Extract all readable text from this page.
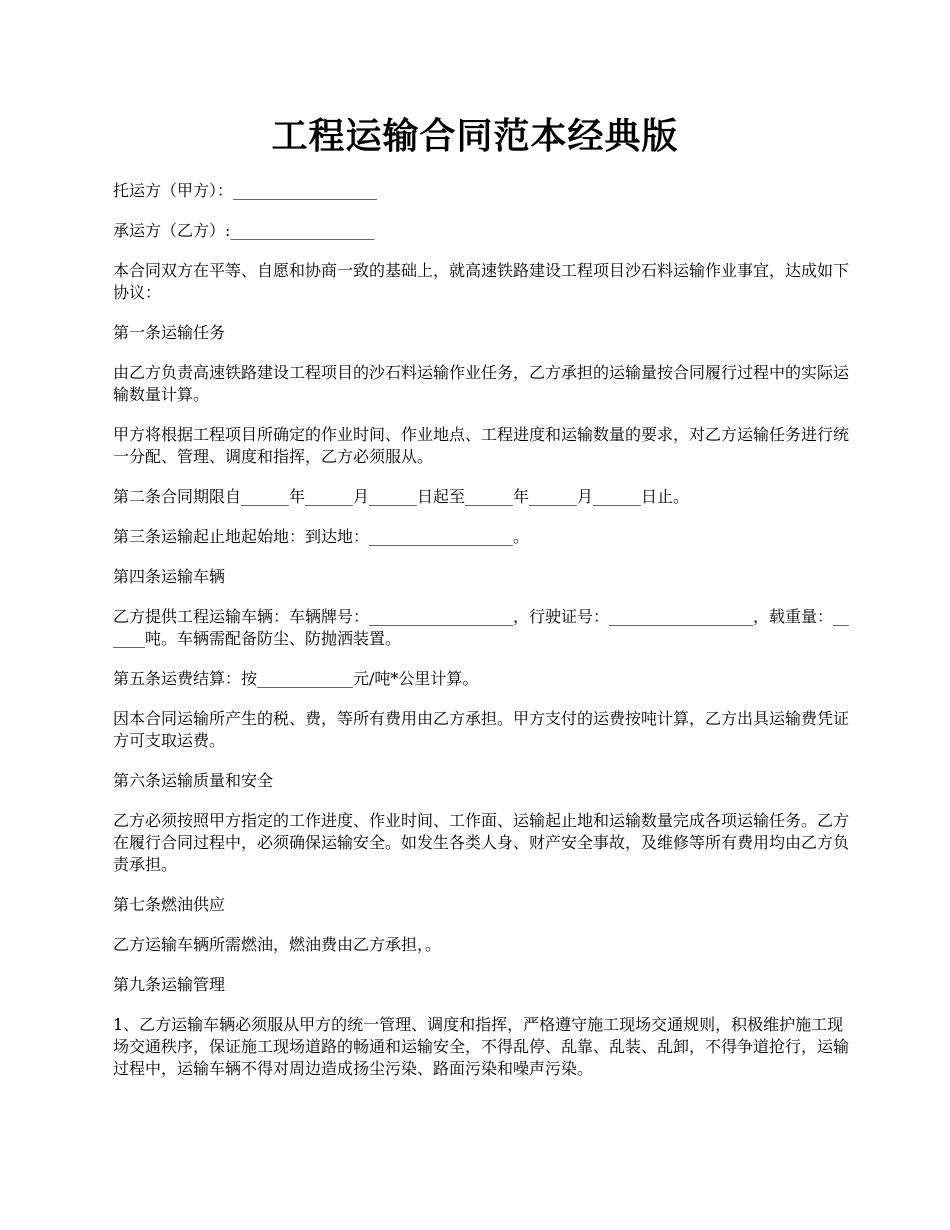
工程运输合同范本经典版

托运方（甲方）：__________________

承运方（乙方）:__________________

本合同双方在平等、自愿和协商一致的基础上，就高速铁路建设工程项目沙石料运输作业事宜，达成如下协议：

第一条运输任务

由乙方负责高速铁路建设工程项目的沙石料运输作业任务，乙方承担的运输量按合同履行过程中的实际运输数量计算。

甲方将根据工程项目所确定的作业时间、作业地点、工程进度和运输数量的要求，对乙方运输任务进行统一分配、管理、调度和指挥，乙方必须服从。

第二条合同期限自______年______月______日起至______年______月______日止。

第三条运输起止地起始地：到达地：__________________。

第四条运输车辆

乙方提供工程运输车辆：车辆牌号：__________________，行驶证号：__________________，载重量：______吨。车辆需配备防尘、防抛洒装置。

第五条运费结算：按____________元/吨*公里计算。

因本合同运输所产生的税、费，等所有费用由乙方承担。甲方支付的运费按吨计算，乙方出具运输费凭证方可支取运费。

第六条运输质量和安全

乙方必须按照甲方指定的工作进度、作业时间、工作面、运输起止地和运输数量完成各项运输任务。乙方在履行合同过程中，必须确保运输安全。如发生各类人身、财产安全事故，及维修等所有费用均由乙方负责承担。

第七条燃油供应

乙方运输车辆所需燃油，燃油费由乙方承担，。

第九条运输管理

1、乙方运输车辆必须服从甲方的统一管理、调度和指挥，严格遵守施工现场交通规则，积极维护施工现场交通秩序，保证施工现场道路的畅通和运输安全，不得乱停、乱靠、乱装、乱卸，不得争道抢行，运输过程中，运输车辆不得对周边造成扬尘污染、路面污染和噪声污染。
